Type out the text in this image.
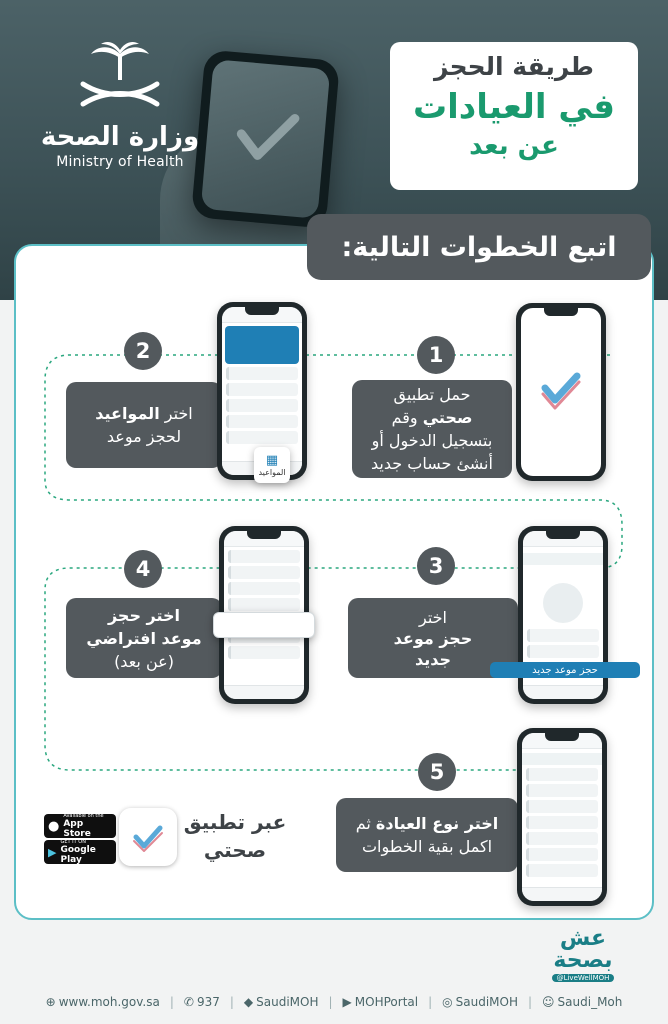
وزارة الصحة
Ministry of Health
طريقة الحجز
في العيادات
عن بعد
اتبع الخطوات التالية:
1
حمل تطبيق
صحتي وقم
بتسجيل الدخول أو
أنشئ حساب جديد
2
اختر المواعيد
لحجز موعد
▦
المواعيد
3
اختر
حجز موعد
جديد
حجز موعد جديد
4
اختر حجز
موعد افتراضي
(عن بعد)
5
اختر نوع العيادة ثم
اكمل بقية الخطوات
عبر تطبيق
صحتي
●
Available on the
App Store
▶
GET IT ON
Google Play
عش
بصحة
@LiveWellMOH
⊕ www.moh.gov.sa | ✆ 937 | ◆ SaudiMOH | ▶ MOHPortal | ◎ SaudiMOH | ☺ Saudi_Moh
